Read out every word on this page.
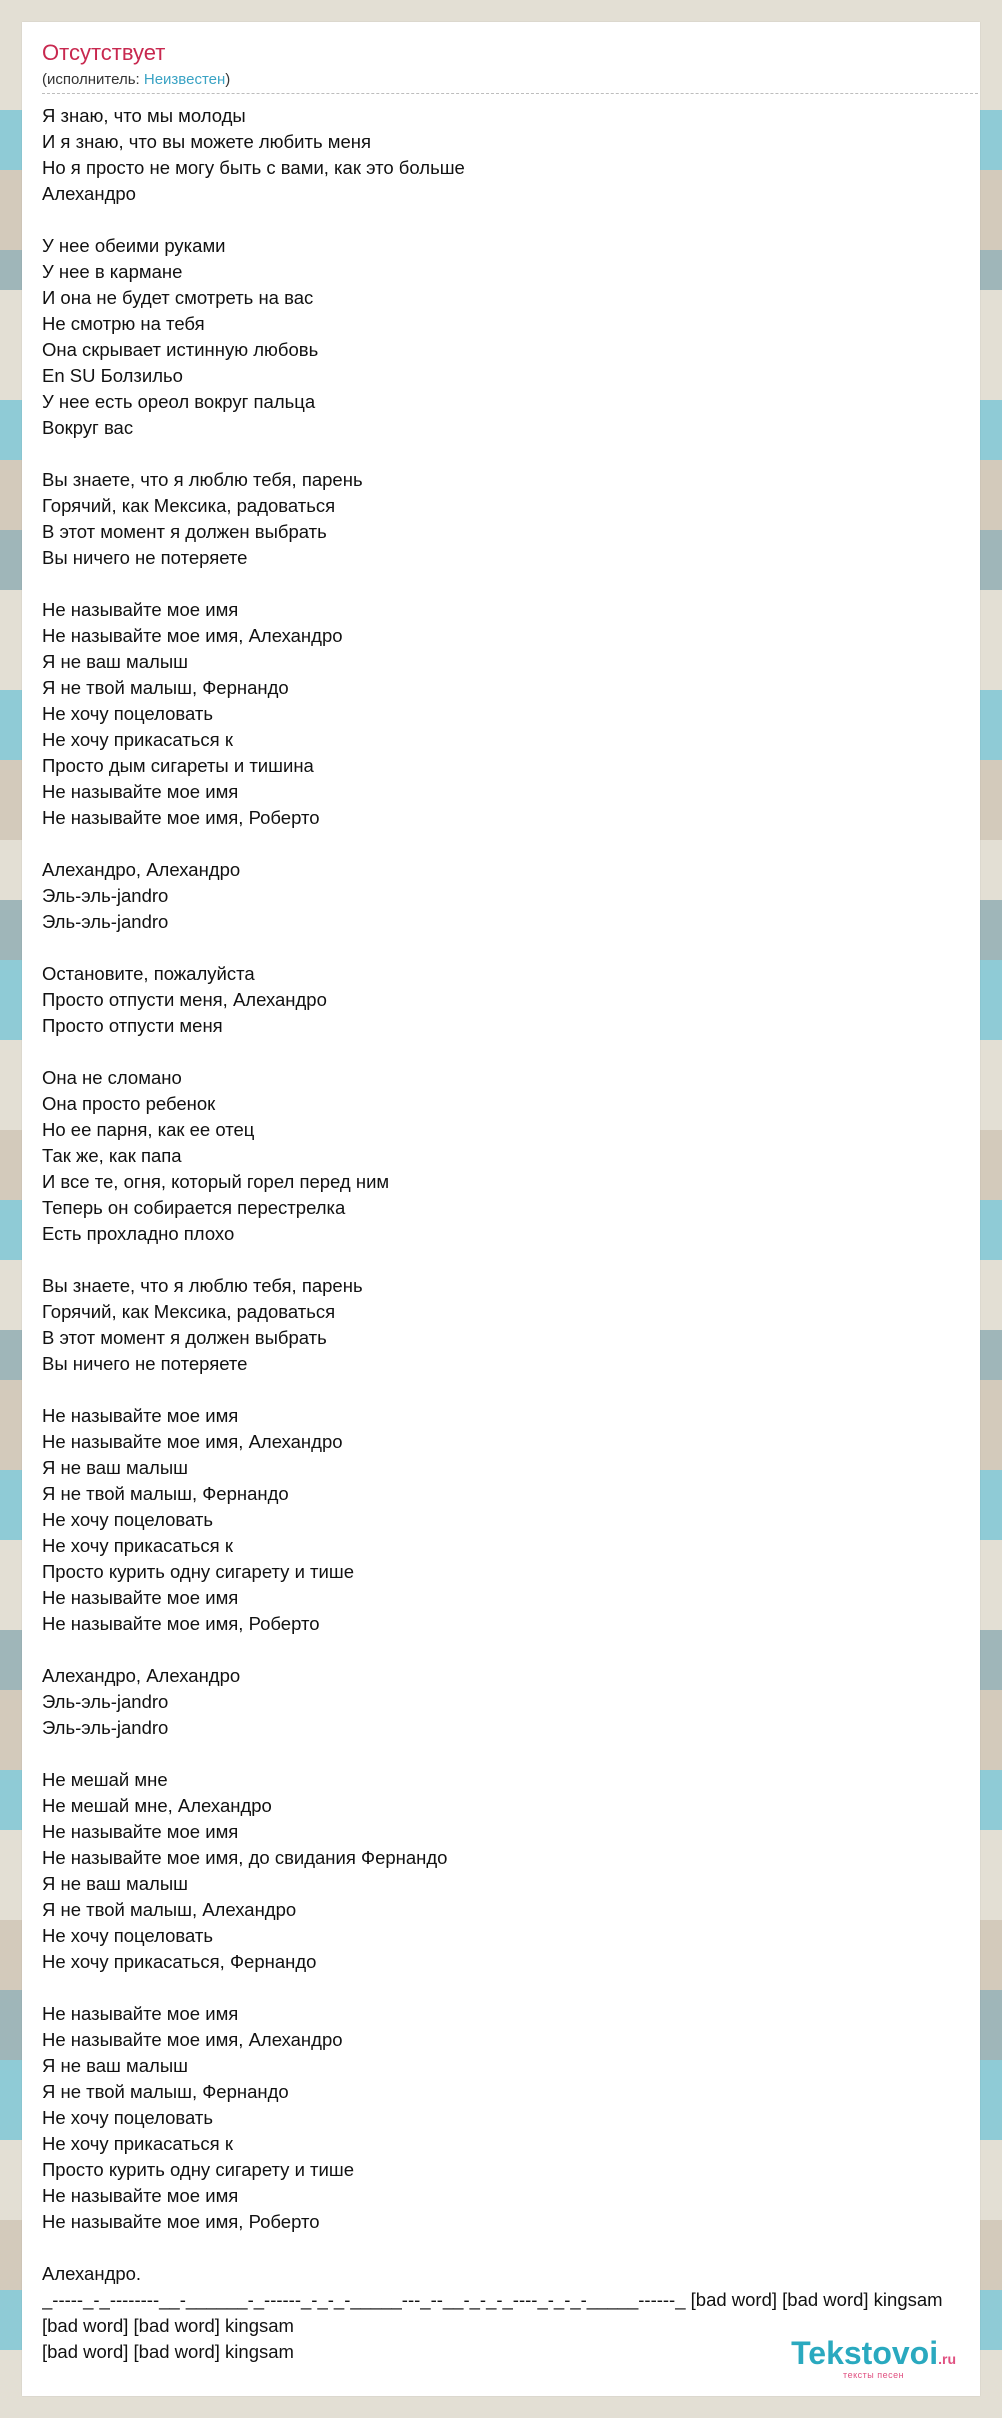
Отсутствует
(исполнитель: Неизвестен)
Я знаю, что мы молоды
И я знаю, что вы можете любить меня
Но я просто не могу быть с вами, как это больше
Алехандро
У нее обеими руками
У нее в кармане
И она не будет смотреть на вас
Не смотрю на тебя
Она скрывает истинную любовь
En SU Болзильо
У нее есть ореол вокруг пальца
Вокруг вас
Вы знаете, что я люблю тебя, парень
Горячий, как Мексика, радоваться
В этот момент я должен выбрать
Вы ничего не потеряете
Не называйте мое имя
Не называйте мое имя, Алехандро
Я не ваш малыш
Я не твой малыш, Фернандо
Не хочу поцеловать
Не хочу прикасаться к
Просто дым сигареты и тишина
Не называйте мое имя
Не называйте мое имя, Роберто
Алехандро, Алехандро
Эль-эль-jandro
Эль-эль-jandro
Остановите, пожалуйста
Просто отпусти меня, Алехандро
Просто отпусти меня
Она не сломано
Она просто ребенок
Но ее парня, как ее отец
Так же, как папа
И все те, огня, который горел перед ним
Теперь он собирается перестрелка
Есть прохладно плохо
Вы знаете, что я люблю тебя, парень
Горячий, как Мексика, радоваться
В этот момент я должен выбрать
Вы ничего не потеряете
Не называйте мое имя
Не называйте мое имя, Алехандро
Я не ваш малыш
Я не твой малыш, Фернандо
Не хочу поцеловать
Не хочу прикасаться к
Просто курить одну сигарету и тише
Не называйте мое имя
Не называйте мое имя, Роберто
Алехандро, Алехандро
Эль-эль-jandro
Эль-эль-jandro
Не мешай мне
Не мешай мне, Алехандро
Не называйте мое имя
Не называйте мое имя, до свидания Фернандо
Я не ваш малыш
Я не твой малыш, Алехандро
Не хочу поцеловать
Не хочу прикасаться, Фернандо
Не называйте мое имя
Не называйте мое имя, Алехандро
Я не ваш малыш
Я не твой малыш, Фернандо
Не хочу поцеловать
Не хочу прикасаться к
Просто курить одну сигарету и тише
Не называйте мое имя
Не называйте мое имя, Роберто
Алехандро.
_-----_-_--------__-______-_------_-_-_-_____---_--__-_-_-_----_-_-_-_____------_ [bad word] [bad word] kingsam
[bad word] [bad word] kingsam
[bad word] [bad word] kingsam	Tekstovoi.ru
тексты песен
